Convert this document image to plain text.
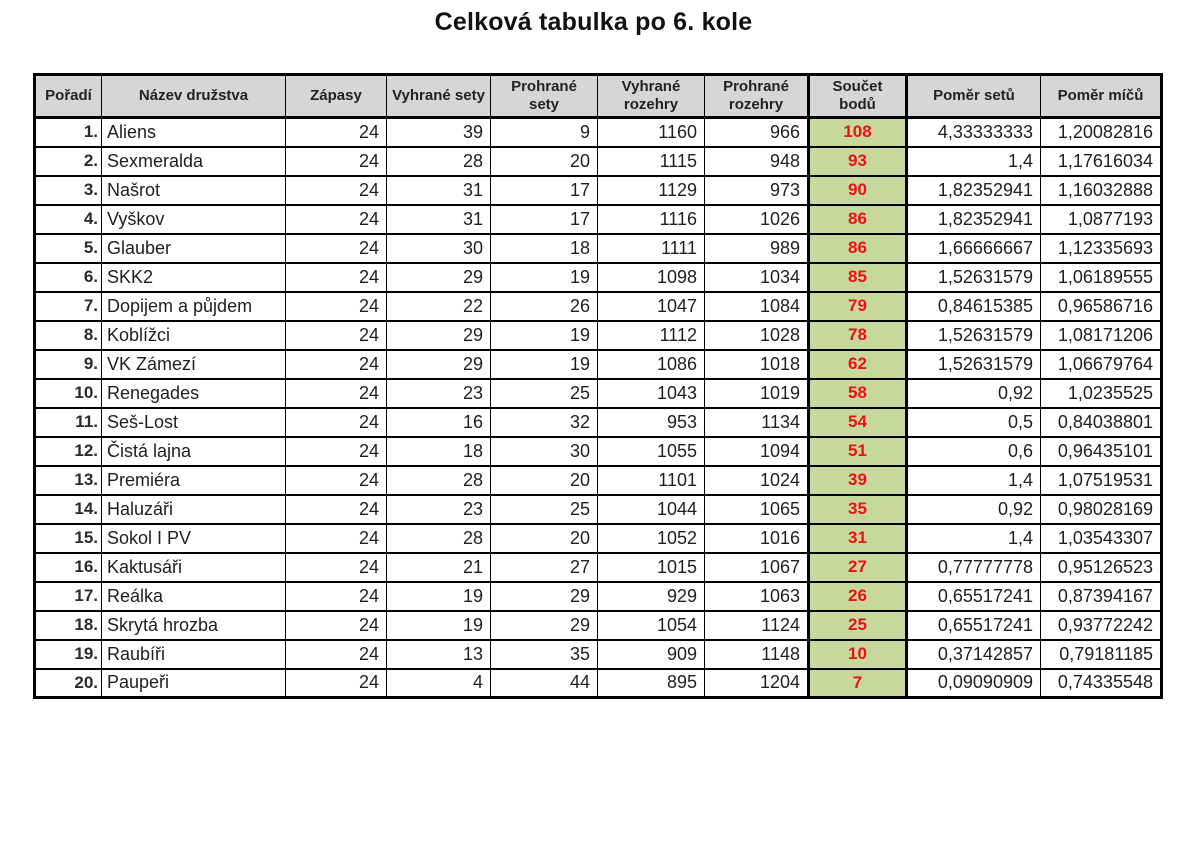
Celková tabulka po 6. kole
Pořadí	Název družstva	Zápasy	Vyhrané sety	Prohrané sety	Vyhrané rozehry	Prohrané rozehry	Součet bodů	Poměr setů	Poměr míčů
1.	Aliens	24	39	9	1160	966	108	4,33333333	1,20082816
2.	Sexmeralda	24	28	20	1115	948	93	1,4	1,17616034
3.	Našrot	24	31	17	1129	973	90	1,82352941	1,16032888
4.	Vyškov	24	31	17	1116	1026	86	1,82352941	1,0877193
5.	Glauber	24	30	18	1111	989	86	1,66666667	1,12335693
6.	SKK2	24	29	19	1098	1034	85	1,52631579	1,06189555
7.	Dopijem a půjdem	24	22	26	1047	1084	79	0,84615385	0,96586716
8.	Koblížci	24	29	19	1112	1028	78	1,52631579	1,08171206
9.	VK Zámezí	24	29	19	1086	1018	62	1,52631579	1,06679764
10.	Renegades	24	23	25	1043	1019	58	0,92	1,0235525
11.	Seš-Lost	24	16	32	953	1134	54	0,5	0,84038801
12.	Čistá lajna	24	18	30	1055	1094	51	0,6	0,96435101
13.	Premiéra	24	28	20	1101	1024	39	1,4	1,07519531
14.	Haluzáři	24	23	25	1044	1065	35	0,92	0,98028169
15.	Sokol I PV	24	28	20	1052	1016	31	1,4	1,03543307
16.	Kaktusáři	24	21	27	1015	1067	27	0,77777778	0,95126523
17.	Reálka	24	19	29	929	1063	26	0,65517241	0,87394167
18.	Skrytá hrozba	24	19	29	1054	1124	25	0,65517241	0,93772242
19.	Raubíři	24	13	35	909	1148	10	0,37142857	0,79181185
20.	Paupeři	24	4	44	895	1204	7	0,09090909	0,74335548
